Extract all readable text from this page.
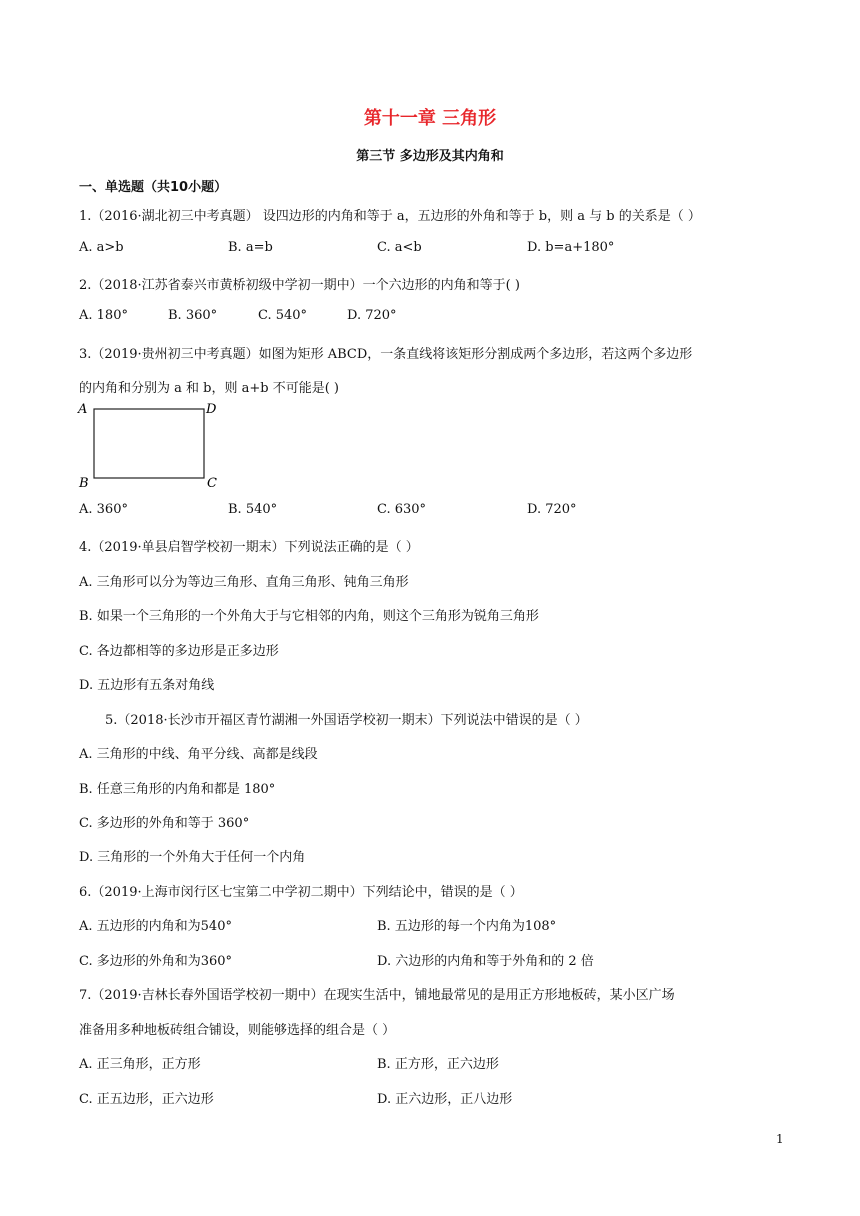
第十一章 三角形
第三节 多边形及其内角和
一、单选题（共10小题）
1.（2016·湖北初三中考真题） 设四边形的内角和等于 a，五边形的外角和等于 b，则 a 与 b 的关系是（ ）
A. a>b	B. a=b	C. a<b	D. b=a+180°
2.（2018·江苏省泰兴市黄桥初级中学初一期中）一个六边形的内角和等于( )
A. 180°	B. 360°	C. 540°	D. 720°
3.（2019·贵州初三中考真题）如图为矩形 ABCD，一条直线将该矩形分割成两个多边形，若这两个多边形
的内角和分别为 a 和 b，则 a+b 不可能是( )
A	D
B	C
A. 360°	B. 540°	C. 630°	D. 720°
4.（2019·单县启智学校初一期末）下列说法正确的是（ ）
A. 三角形可以分为等边三角形、直角三角形、钝角三角形
B. 如果一个三角形的一个外角大于与它相邻的内角，则这个三角形为锐角三角形
C. 各边都相等的多边形是正多边形
D. 五边形有五条对角线
5.（2018·长沙市开福区青竹湖湘一外国语学校初一期末）下列说法中错误的是（ ）
A. 三角形的中线、角平分线、高都是线段
B. 任意三角形的内角和都是 180°
C. 多边形的外角和等于 360°
D. 三角形的一个外角大于任何一个内角
6.（2019·上海市闵行区七宝第二中学初二期中）下列结论中，错误的是（ ）
A. 五边形的内角和为540°	B. 五边形的每一个内角为108°
C. 多边形的外角和为360°	D. 六边形的内角和等于外角和的 2 倍
7.（2019·吉林长春外国语学校初一期中）在现实生活中，铺地最常见的是用正方形地板砖，某小区广场
准备用多种地板砖组合铺设，则能够选择的组合是（ ）
A. 正三角形，正方形	B. 正方形，正六边形
C. 正五边形，正六边形	D. 正六边形，正八边形
1
